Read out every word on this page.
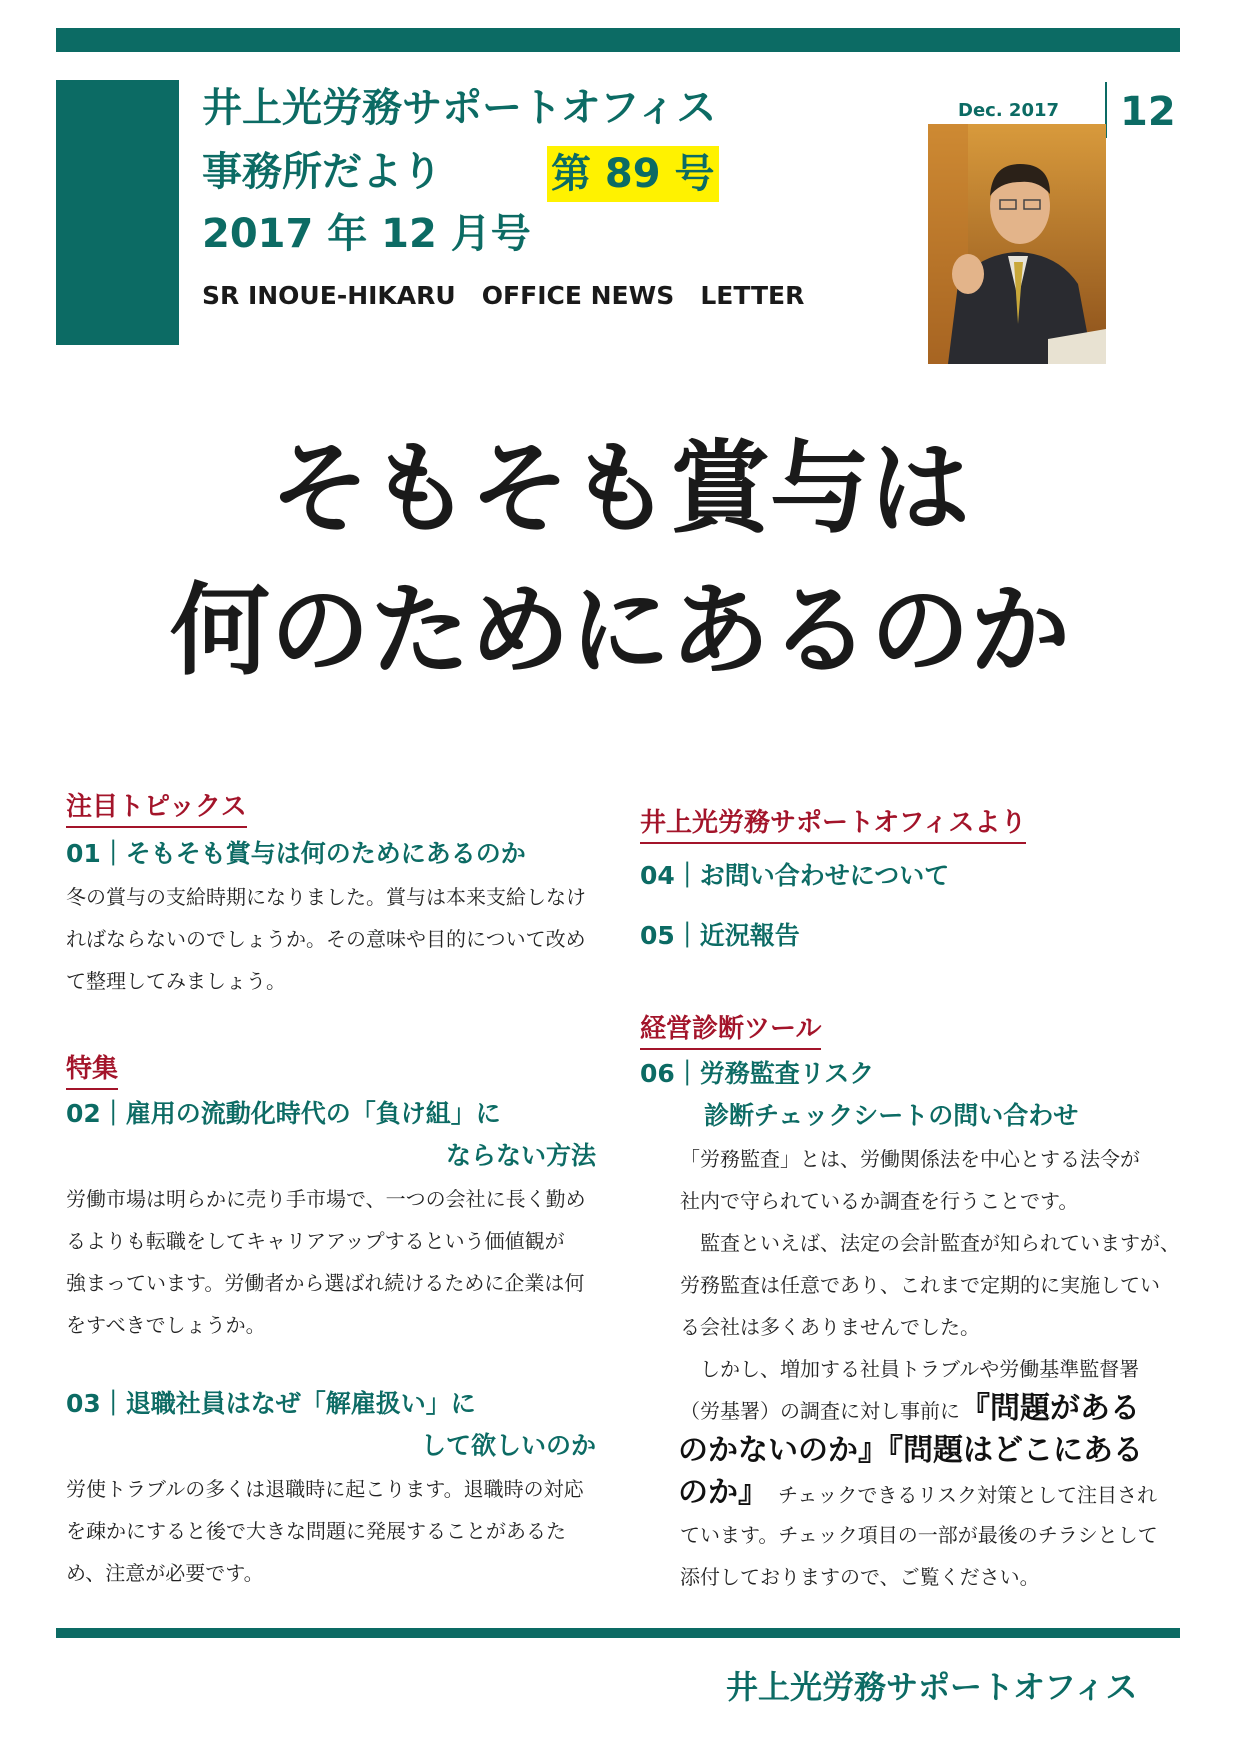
井上光労務サポートオフィス
事務所だより	第 89 号
2017 年 12 月号
SR INOUE-HIKARU   OFFICE NEWS   LETTER
Dec. 2017 12
そもそも賞与は
何のためにあるのか
注目トピックス
01｜そもそも賞与は何のためにあるのか
冬の賞与の支給時期になりました。賞与は本来支給しなけ
ればならないのでしょうか。その意味や目的について改め
て整理してみましょう。
特集
02｜雇用の流動化時代の「負け組」に
ならない方法
労働市場は明らかに売り手市場で、一つの会社に長く勤め
るよりも転職をしてキャリアアップするという価値観が
強まっています。労働者から選ばれ続けるために企業は何
をすべきでしょうか。
03｜退職社員はなぜ「解雇扱い」に
して欲しいのか
労使トラブルの多くは退職時に起こります。退職時の対応
を疎かにすると後で大きな問題に発展することがあるた
め、注意が必要です。
井上光労務サポートオフィスより
04｜お問い合わせについて
05｜近況報告
経営診断ツール
06｜労務監査リスク
診断チェックシートの問い合わせ
「労務監査」とは、労働関係法を中心とする法令が
社内で守られているか調査を行うことです。
　監査といえば、法定の会計監査が知られていますが、
労務監査は任意であり、これまで定期的に実施してい
る会社は多くありませんでした。
　しかし、増加する社員トラブルや労働基準監督署
（労基署）の調査に対し事前に『問題がある
のかないのか』『問題はどこにある
のか』 チェックできるリスク対策として注目され
ています。チェック項目の一部が最後のチラシとして
添付しておりますので、ご覧ください。
井上光労務サポートオフィス
